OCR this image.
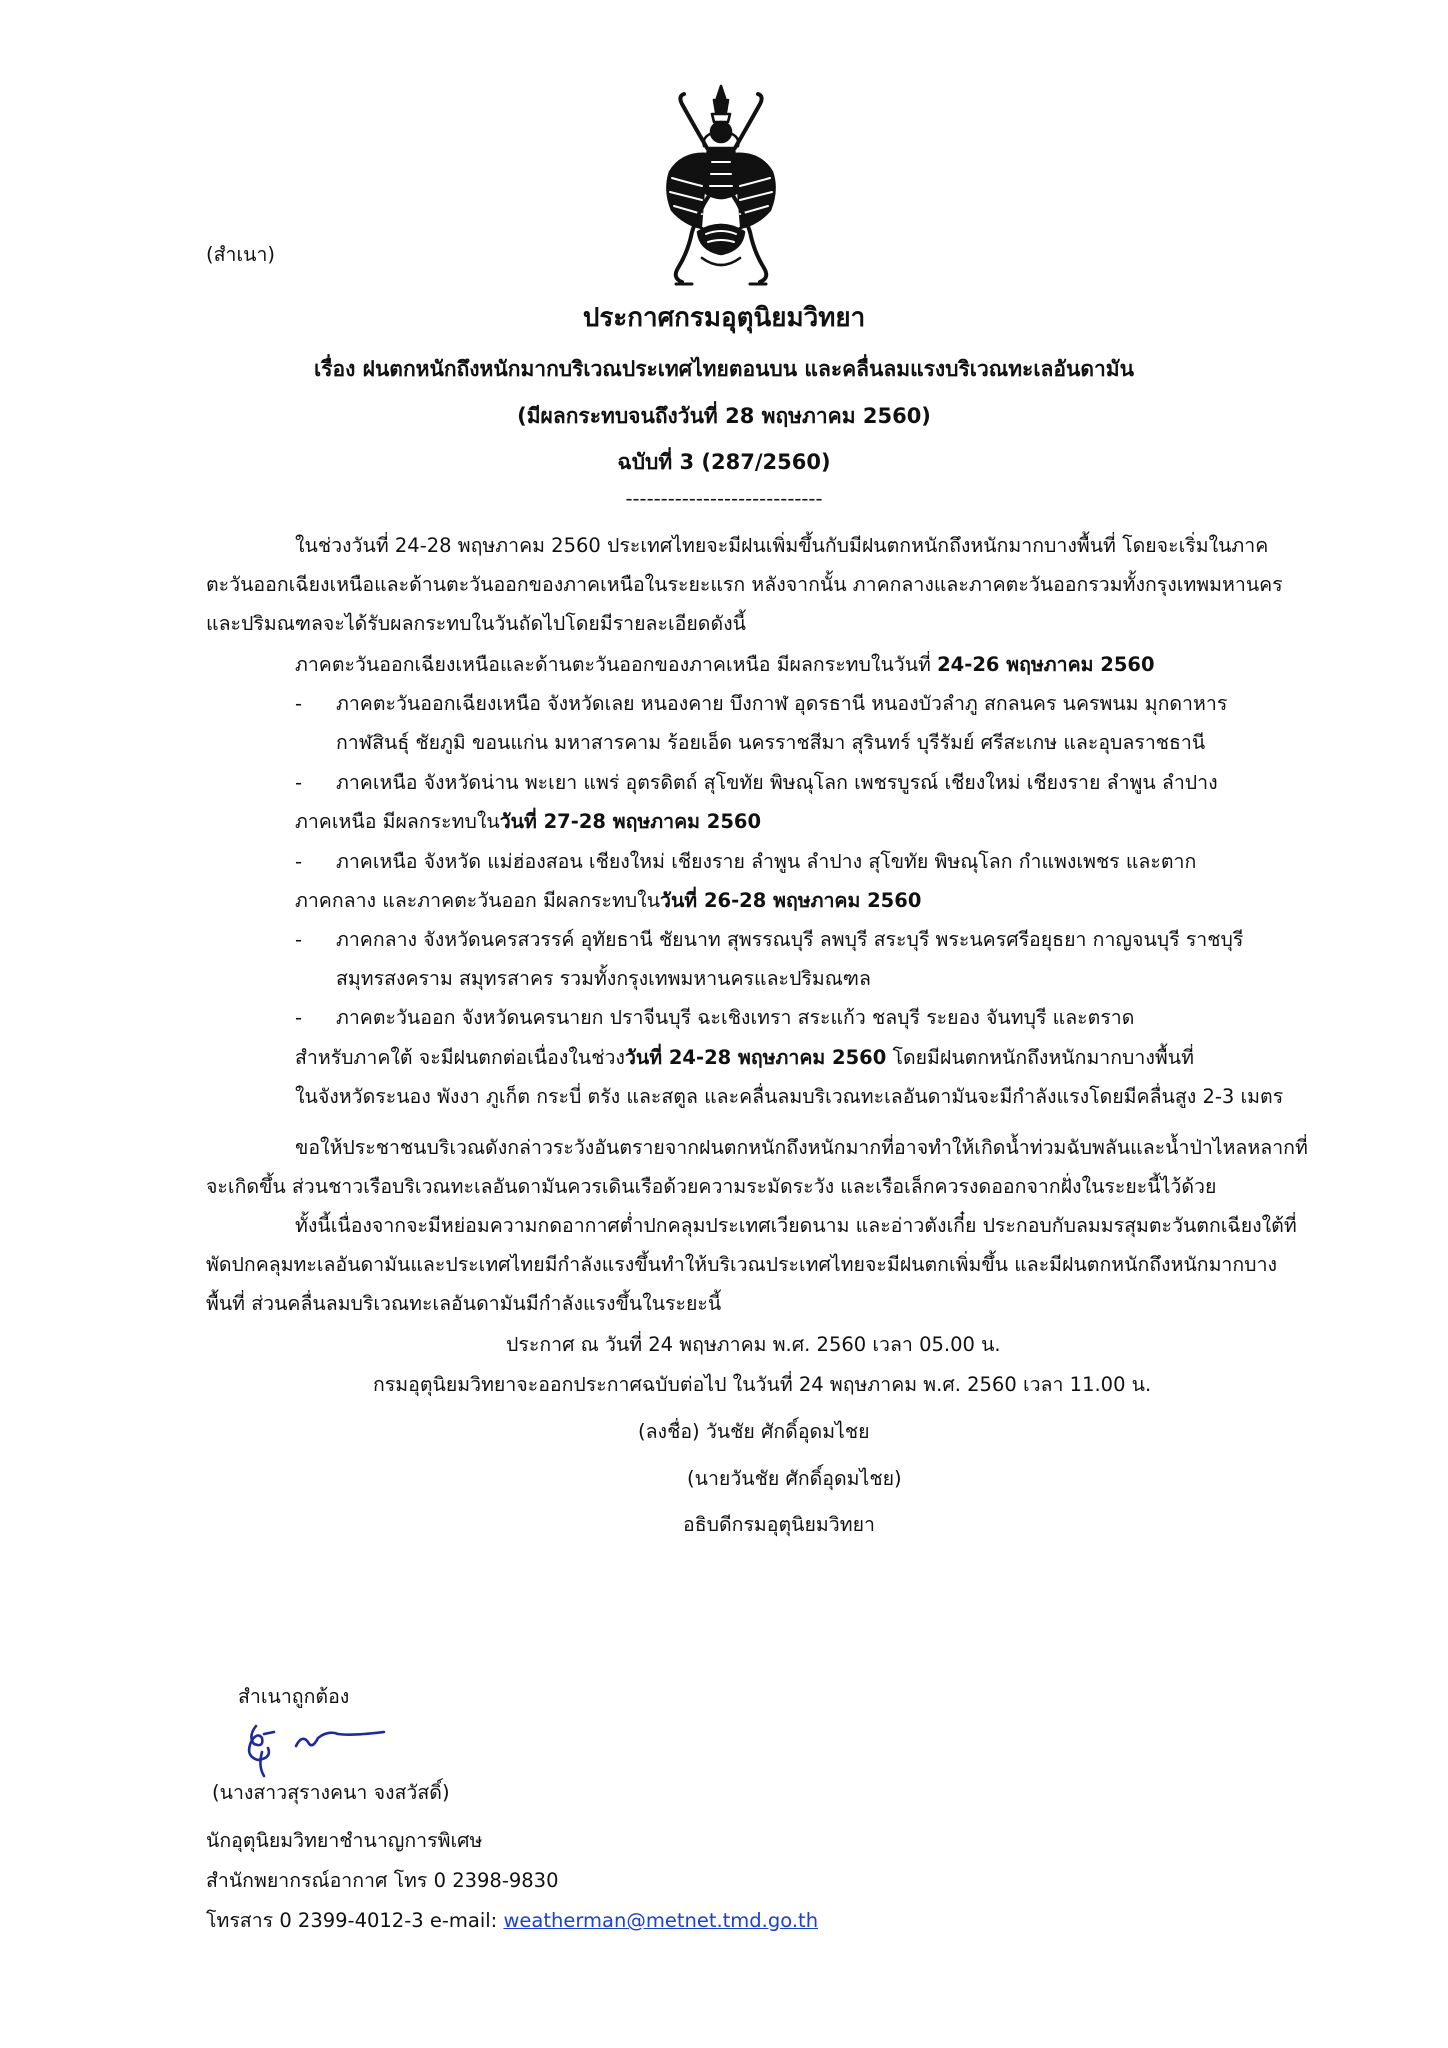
(สำเนา)
ประกาศกรมอุตุนิยมวิทยา
เรื่อง ฝนตกหนักถึงหนักมากบริเวณประเทศไทยตอนบน และคลื่นลมแรงบริเวณทะเลอันดามัน
(มีผลกระทบจนถึงวันที่ 28 พฤษภาคม 2560)
ฉบับที่ 3 (287/2560)
----------------------------
ในช่วงวันที่ 24-28 พฤษภาคม 2560 ประเทศไทยจะมีฝนเพิ่มขึ้นกับมีฝนตกหนักถึงหนักมากบางพื้นที่ โดยจะเริ่มในภาค
ตะวันออกเฉียงเหนือและด้านตะวันออกของภาคเหนือในระยะแรก หลังจากนั้น ภาคกลางและภาคตะวันออกรวมทั้งกรุงเทพมหานคร
และปริมณฑลจะได้รับผลกระทบในวันถัดไปโดยมีรายละเอียดดังนี้
ภาคตะวันออกเฉียงเหนือและด้านตะวันออกของภาคเหนือ มีผลกระทบในวันที่ 24-26 พฤษภาคม 2560
- ภาคตะวันออกเฉียงเหนือ จังหวัดเลย หนองคาย บึงกาฬ อุดรธานี หนองบัวลำภู สกลนคร นครพนม มุกดาหาร
กาฬสินธุ์ ชัยภูมิ ขอนแก่น มหาสารคาม ร้อยเอ็ด นครราชสีมา สุรินทร์ บุรีรัมย์ ศรีสะเกษ และอุบลราชธานี
- ภาคเหนือ จังหวัดน่าน พะเยา แพร่ อุตรดิตถ์ สุโขทัย พิษณุโลก เพชรบูรณ์ เชียงใหม่ เชียงราย ลำพูน ลำปาง
ภาคเหนือ มีผลกระทบในวันที่ 27-28 พฤษภาคม 2560
- ภาคเหนือ จังหวัด แม่ฮ่องสอน เชียงใหม่ เชียงราย ลำพูน ลำปาง สุโขทัย พิษณุโลก กำแพงเพชร และตาก
ภาคกลาง และภาคตะวันออก มีผลกระทบในวันที่ 26-28 พฤษภาคม 2560
- ภาคกลาง จังหวัดนครสวรรค์ อุทัยธานี ชัยนาท สุพรรณบุรี ลพบุรี สระบุรี พระนครศรีอยุธยา กาญจนบุรี ราชบุรี
สมุทรสงคราม สมุทรสาคร รวมทั้งกรุงเทพมหานครและปริมณฑล
- ภาคตะวันออก จังหวัดนครนายก ปราจีนบุรี ฉะเชิงเทรา สระแก้ว ชลบุรี ระยอง จันทบุรี และตราด
สำหรับภาคใต้ จะมีฝนตกต่อเนื่องในช่วงวันที่ 24-28 พฤษภาคม 2560 โดยมีฝนตกหนักถึงหนักมากบางพื้นที่
ในจังหวัดระนอง พังงา ภูเก็ต กระบี่ ตรัง และสตูล และคลื่นลมบริเวณทะเลอันดามันจะมีกำลังแรงโดยมีคลื่นสูง 2-3 เมตร
ขอให้ประชาชนบริเวณดังกล่าวระวังอันตรายจากฝนตกหนักถึงหนักมากที่อาจทำให้เกิดน้ำท่วมฉับพลันและน้ำป่าไหลหลากที่
จะเกิดขึ้น ส่วนชาวเรือบริเวณทะเลอันดามันควรเดินเรือด้วยความระมัดระวัง และเรือเล็กควรงดออกจากฝั่งในระยะนี้ไว้ด้วย
ทั้งนี้เนื่องจากจะมีหย่อมความกดอากาศต่ำปกคลุมประเทศเวียดนาม และอ่าวตังเกี๋ย ประกอบกับลมมรสุมตะวันตกเฉียงใต้ที่
พัดปกคลุมทะเลอันดามันและประเทศไทยมีกำลังแรงขึ้นทำให้บริเวณประเทศไทยจะมีฝนตกเพิ่มขึ้น และมีฝนตกหนักถึงหนักมากบาง
พื้นที่ ส่วนคลื่นลมบริเวณทะเลอันดามันมีกำลังแรงขึ้นในระยะนี้
ประกาศ ณ วันที่ 24 พฤษภาคม พ.ศ. 2560 เวลา 05.00 น.
กรมอุตุนิยมวิทยาจะออกประกาศฉบับต่อไป ในวันที่ 24 พฤษภาคม พ.ศ. 2560 เวลา 11.00 น.
(ลงชื่อ) วันชัย ศักดิ์อุดมไชย
(นายวันชัย ศักดิ์อุดมไชย)
อธิบดีกรมอุตุนิยมวิทยา
สำเนาถูกต้อง
(นางสาวสุรางคนา จงสวัสดิ์)
นักอุตุนิยมวิทยาชำนาญการพิเศษ
สำนักพยากรณ์อากาศ โทร 0 2398-9830
โทรสาร 0 2399-4012-3 e-mail: weatherman@metnet.tmd.go.th
